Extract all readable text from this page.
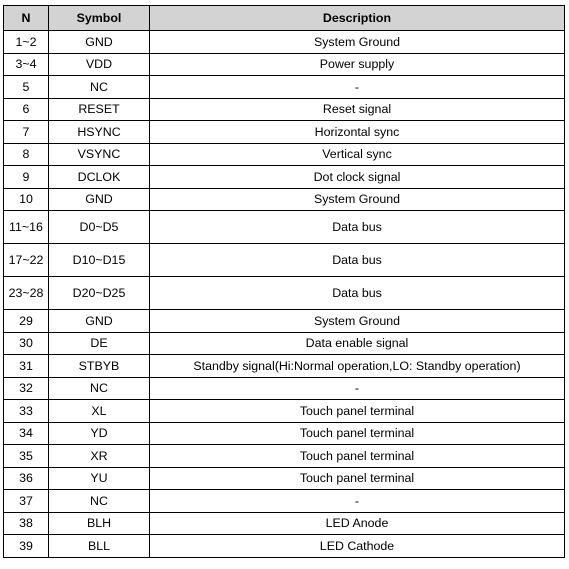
N	Symbol	Description
1~2	GND	System Ground
3~4	VDD	Power supply
5	NC	-
6	RESET	Reset signal
7	HSYNC	Horizontal sync
8	VSYNC	Vertical sync
9	DCLOK	Dot clock signal
10	GND	System Ground
11~16	D0~D5	Data bus
17~22	D10~D15	Data bus
23~28	D20~D25	Data bus
29	GND	System Ground
30	DE	Data enable signal
31	STBYB	Standby signal(Hi:Normal operation,LO: Standby operation)
32	NC	-
33	XL	Touch panel terminal
34	YD	Touch panel terminal
35	XR	Touch panel terminal
36	YU	Touch panel terminal
37	NC	-
38	BLH	LED Anode
39	BLL	LED Cathode
